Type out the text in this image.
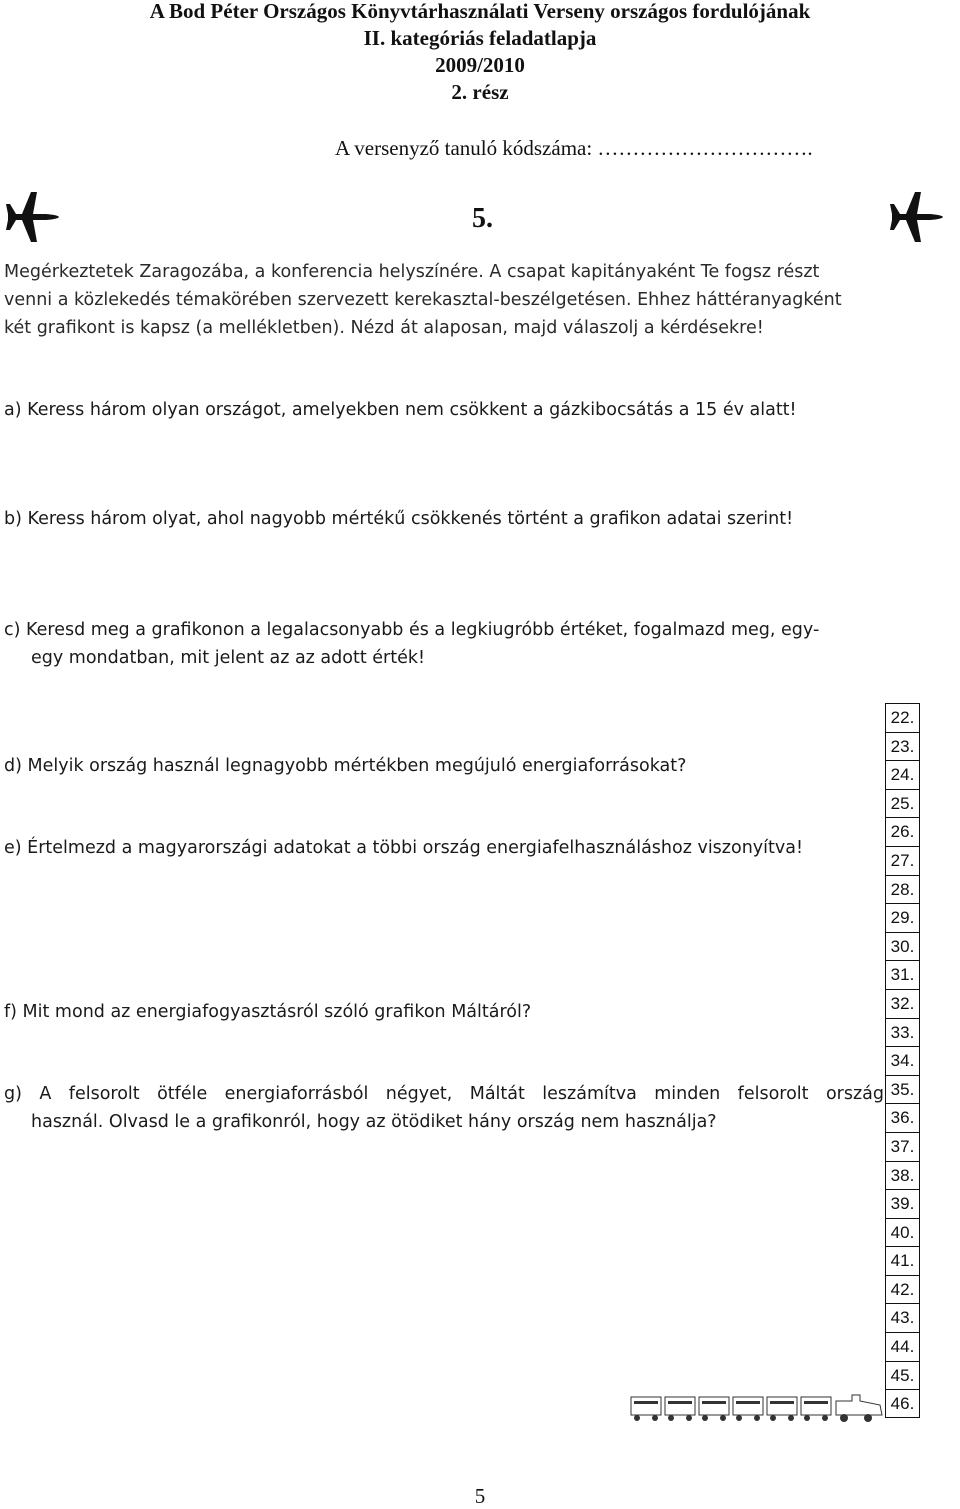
A Bod Péter Országos Könyvtárhasználati Verseny országos fordulójának
II. kategóriás feladatlapja
2009/2010
2. rész
A versenyző tanuló kódszáma: ………………………….
5.
Megérkeztetek Zaragozába, a konferencia helyszínére. A csapat kapitányaként Te fogsz részt
venni a közlekedés témakörében szervezett kerekasztal-beszélgetésen. Ehhez háttéranyagként
két grafikont is kapsz (a mellékletben). Nézd át alaposan, majd válaszolj a kérdésekre!
a) Keress három olyan országot, amelyekben nem csökkent a gázkibocsátás a 15 év alatt!
b) Keress három olyat, ahol nagyobb mértékű csökkenés történt a grafikon adatai szerint!
c) Keresd meg a grafikonon a legalacsonyabb és a legkiugróbb értéket, fogalmazd meg, egy-
egy mondatban, mit jelent az az adott érték!
d) Melyik ország használ legnagyobb mértékben megújuló energiaforrásokat?
e) Értelmezd a magyarországi adatokat a többi ország energiafelhasználáshoz viszonyítva!
f) Mit mond az energiafogyasztásról szóló grafikon Máltáról?
g) A felsorolt ötféle energiaforrásból négyet, Máltát leszámítva minden felsorolt ország
használ. Olvasd le a grafikonról, hogy az ötödiket hány ország nem használja?
22.
23.
24.
25.
26.
27.
28.
29.
30.
31.
32.
33.
34.
35.
36.
37.
38.
39.
40.
41.
42.
43.
44.
45.
46.
5
